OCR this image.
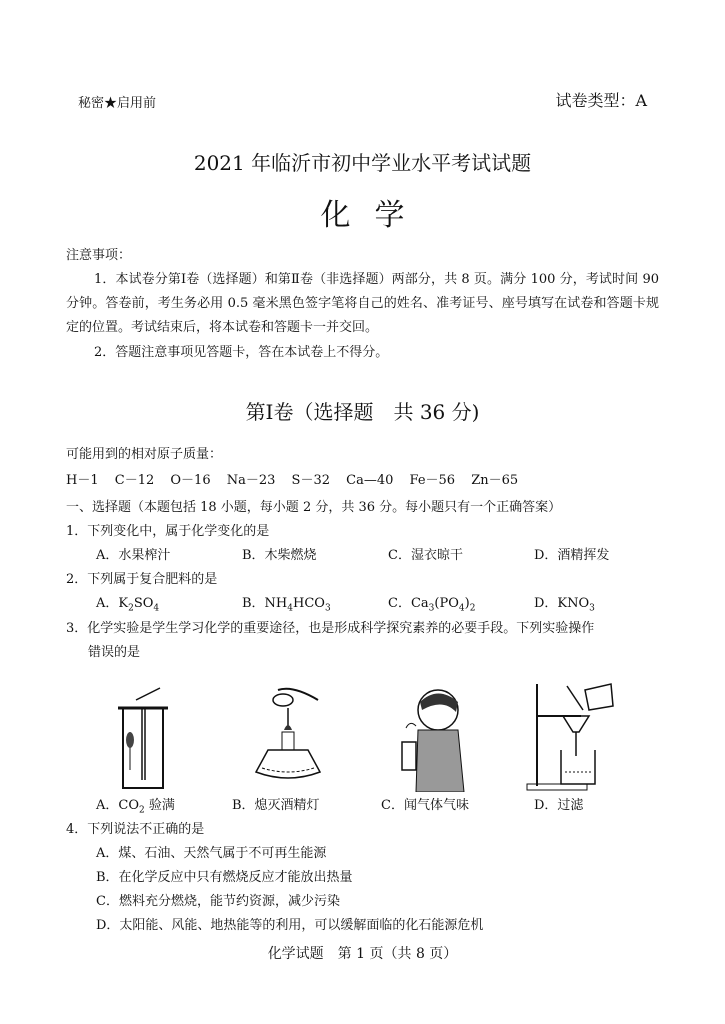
秘密★启用前	试卷类型：A
2021 年临沂市初中学业水平考试试题
化学
注意事项：
1．本试卷分第Ⅰ卷（选择题）和第Ⅱ卷（非选择题）两部分，共 8 页。满分 100 分，考试时间 90 分钟。答卷前，考生务必用 0.5 毫米黑色签字笔将自己的姓名、准考证号、座号填写在试卷和答题卡规定的位置。考试结束后，将本试卷和答题卡一并交回。
2．答题注意事项见答题卡，答在本试卷上不得分。
第Ⅰ卷（选择题　共 36 分)
可能用到的相对原子质量：
H－1 C－12 O－16 Na－23 S－32 Ca—40 Fe－56 Zn－65
一、选择题（本题包括 18 小题，每小题 2 分，共 36 分。每小题只有一个正确答案）
1．下列变化中，属于化学变化的是
A．水果榨汁	B．木柴燃烧	C．湿衣晾干	D．酒精挥发
2．下列属于复合肥料的是
A．$K_2SO_4$	B．$NH_4HCO_3$	C．$Ca_3(PO_4)_2$	D．$KNO_3$
3．化学实验是学生学习化学的重要途径，也是形成科学探究素养的必要手段。下列实验操作
错误的是
A．$CO_2$ 验满	B．熄灭酒精灯	C．闻气体气味	D．过滤
4．下列说法不正确的是
A．煤、石油、天然气属于不可再生能源
B．在化学反应中只有燃烧反应才能放出热量
C．燃料充分燃烧，能节约资源，减少污染
D．太阳能、风能、地热能等的利用，可以缓解面临的化石能源危机
化学试题　第 1 页（共 8 页）
